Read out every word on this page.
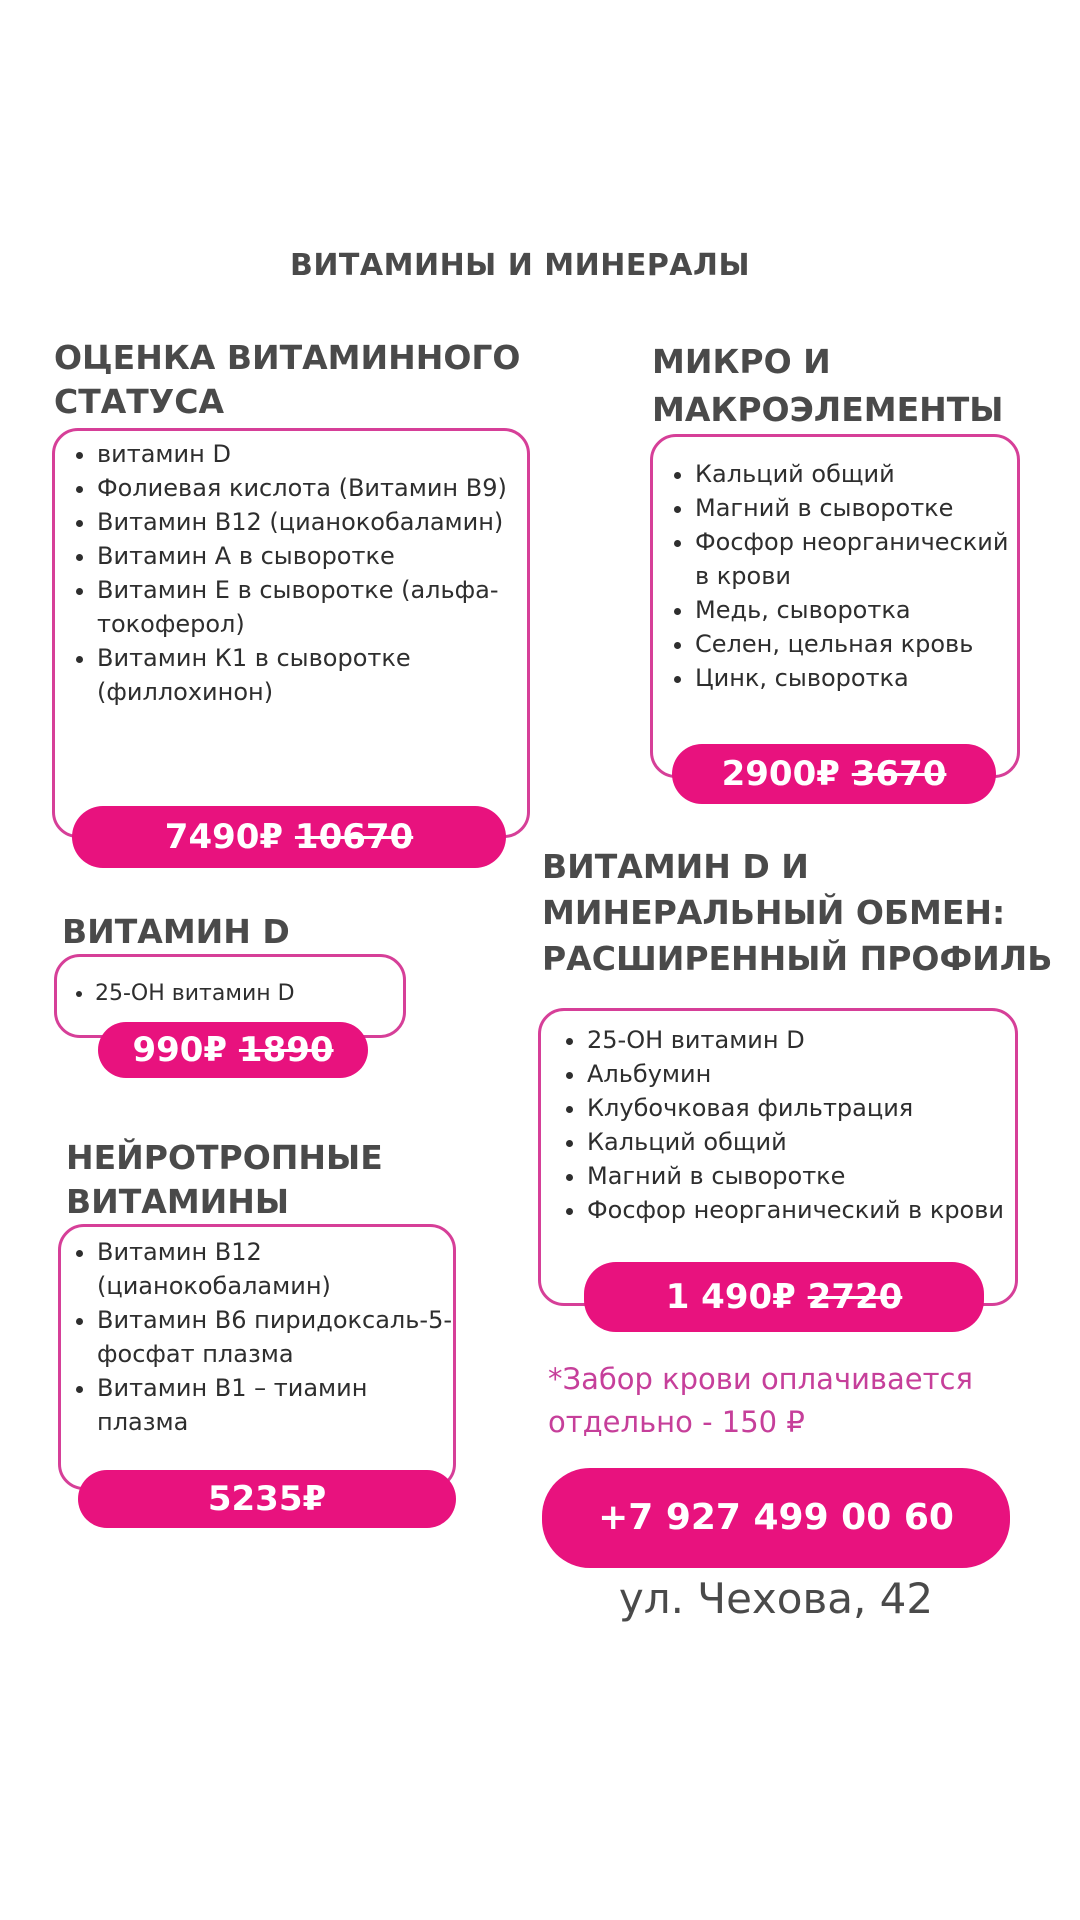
ВИТАМИНЫ И МИНЕРАЛЫ
ОЦЕНКА ВИТАМИННОГО
СТАТУСА
• витамин D
• Фолиевая кислота (Витамин В9)
• Витамин B12 (цианокобаламин)
• Витамин А в сыворотке
• Витамин Е в сыворотке (альфа-токоферол)
• Витамин К1 в сыворотке (филлохинон)
7490₽ 10670
МИКРО И
МАКРОЭЛЕМЕНТЫ
• Кальций общий
• Магний в сыворотке
• Фосфор неорганический в крови
• Медь, сыворотка
• Селен, цельная кровь
• Цинк, сыворотка
2900₽ 3670
ВИТАМИН D
• 25-ОН витамин D
990₽ 1890
НЕЙРОТРОПНЫЕ
ВИТАМИНЫ
• Витамин В12 (цианокобаламин)
• Витамин В6 пиридоксаль-5-фосфат плазма
• Витамин В1 – тиамин плазма
5235₽
ВИТАМИН D И
МИНЕРАЛЬНЫЙ ОБМЕН:
РАСШИРЕННЫЙ ПРОФИЛЬ
• 25-ОН витамин D
• Альбумин
• Клубочковая фильтрация
• Кальций общий
• Магний в сыворотке
• Фосфор неорганический в крови
1 490₽ 2720
*Забор крови оплачивается
отдельно - 150 ₽
+7 927 499 00 60
ул. Чехова, 42
